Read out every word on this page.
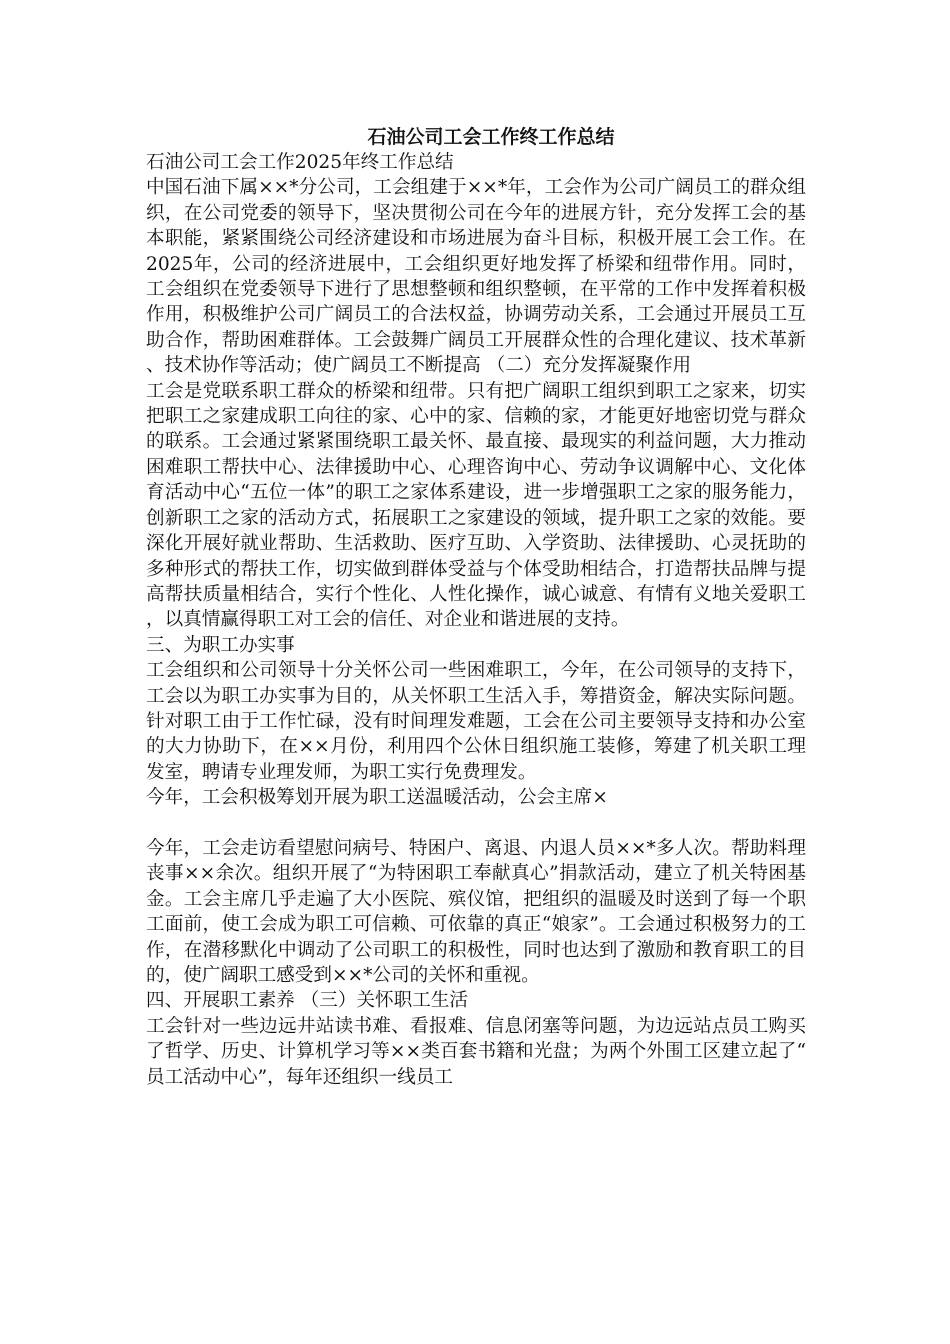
石油公司工会工作终工作总结

石油公司工会工作2025年终工作总结

中国石油下属××*分公司，工会组建于××*年，工会作为公司广阔员工的群众组织，在公司党委的领导下，坚决贯彻公司在今年的进展方针，充分发挥工会的基本职能，紧紧围绕公司经济建设和市场进展为奋斗目标，积极开展工会工作。在2025年，公司的经济进展中，工会组织更好地发挥了桥梁和纽带作用。同时，工会组织在党委领导下进行了思想整顿和组织整顿，在平常的工作中发挥着积极作用，积极维护公司广阔员工的合法权益，协调劳动关系，工会通过开展员工互助合作，帮助困难群体。工会鼓舞广阔员工开展群众性的合理化建议、技术革新、技术协作等活动；使广阔员工不断提高 （二）充分发挥凝聚作用

工会是党联系职工群众的桥梁和纽带。只有把广阔职工组织到职工之家来，切实把职工之家建成职工向往的家、心中的家、信赖的家，才能更好地密切党与群众的联系。工会通过紧紧围绕职工最关怀、最直接、最现实的利益问题，大力推动困难职工帮扶中心、法律援助中心、心理咨询中心、劳动争议调解中心、文化体育活动中心“五位一体”的职工之家体系建设，进一步增强职工之家的服务能力，创新职工之家的活动方式，拓展职工之家建设的领域，提升职工之家的效能。要深化开展好就业帮助、生活救助、医疗互助、入学资助、法律援助、心灵抚助的多种形式的帮扶工作，切实做到群体受益与个体受助相结合，打造帮扶品牌与提高帮扶质量相结合，实行个性化、人性化操作，诚心诚意、有情有义地关爱职工，以真情赢得职工对工会的信任、对企业和谐进展的支持。

三、为职工办实事

工会组织和公司领导十分关怀公司一些困难职工，今年，在公司领导的支持下，工会以为职工办实事为目的，从关怀职工生活入手，筹措资金，解决实际问题。针对职工由于工作忙碌，没有时间理发难题，工会在公司主要领导支持和办公室的大力协助下，在××月份，利用四个公休日组织施工装修，筹建了机关职工理发室，聘请专业理发师，为职工实行免费理发。

今年，工会积极筹划开展为职工送温暖活动，公会主席×

今年，工会走访看望慰问病号、特困户、离退、内退人员××*多人次。帮助料理丧事××余次。组织开展了“为特困职工奉献真心”捐款活动，建立了机关特困基金。工会主席几乎走遍了大小医院、殡仪馆，把组织的温暖及时送到了每一个职工面前，使工会成为职工可信赖、可依靠的真正“娘家”。工会通过积极努力的工作，在潜移默化中调动了公司职工的积极性，同时也达到了激励和教育职工的目的，使广阔职工感受到××*公司的关怀和重视。

四、开展职工素养 （三）关怀职工生活

工会针对一些边远井站读书难、看报难、信息闭塞等问题，为边远站点员工购买了哲学、历史、计算机学习等××类百套书籍和光盘；为两个外围工区建立起了“员工活动中心”，每年还组织一线员工
